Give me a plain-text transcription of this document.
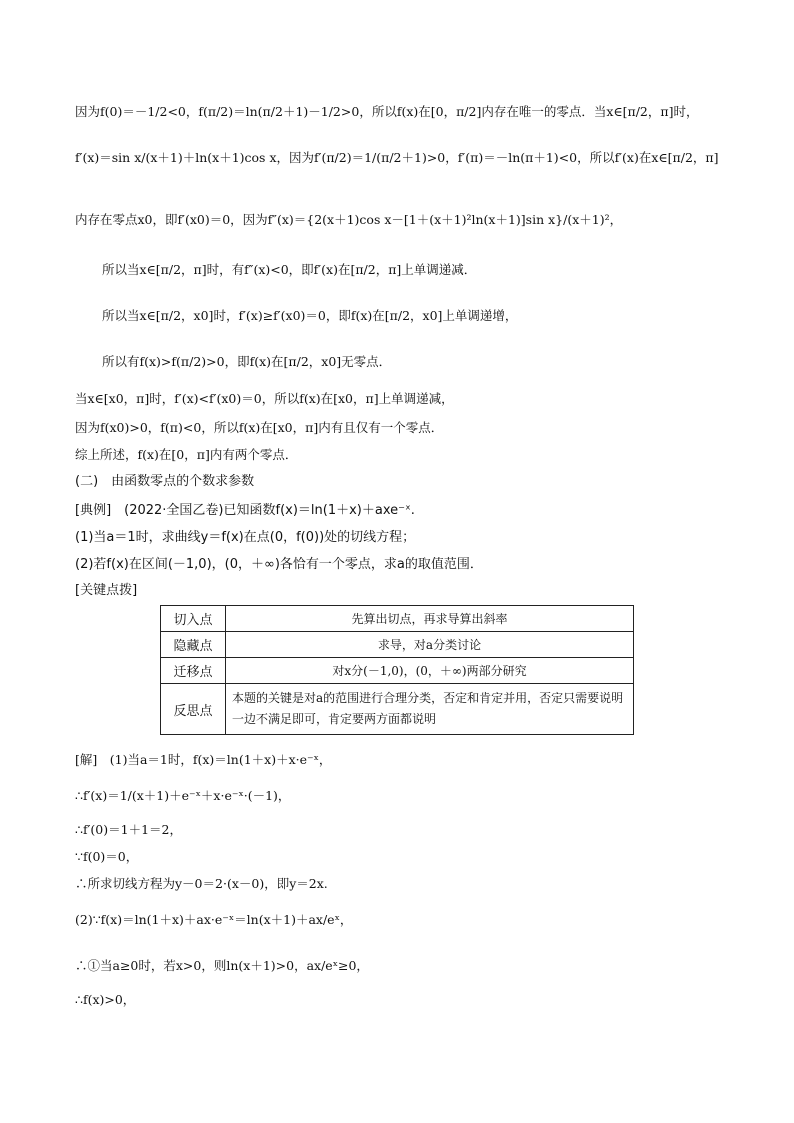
因为f(0)＝－1/2<0，f(π/2)＝ln(π/2＋1)－1/2>0，所以f(x)在[0，π/2]内存在唯一的零点．当x∈[π/2，π]时，
f′(x)＝sin x/(x＋1)＋ln(x＋1)cos x，因为f′(π/2)＝1/(π/2＋1)>0，f′(π)＝－ln(π＋1)<0，所以f′(x)在x∈[π/2，π]
内存在零点x0，即f′(x0)＝0，因为f″(x)＝{2(x＋1)cos x－[1＋(x＋1)²ln(x＋1)]sin x}/(x＋1)²，
所以当x∈[π/2，π]时，有f″(x)<0，即f′(x)在[π/2，π]上单调递减．
所以当x∈[π/2，x0]时，f′(x)≥f′(x0)＝0，即f(x)在[π/2，x0]上单调递增，
所以有f(x)>f(π/2)>0，即f(x)在[π/2，x0]无零点．
当x∈[x0，π]时，f′(x)<f′(x0)＝0，所以f(x)在[x0，π]上单调递减，
因为f(x0)>0，f(π)<0，所以f(x)在[x0，π]内有且仅有一个零点．
综上所述，f(x)在[0，π]内有两个零点．
(二)　由函数零点的个数求参数
[典例]　(2022·全国乙卷)已知函数f(x)＝ln(1＋x)＋axe⁻ˣ.
(1)当a＝1时，求曲线y＝f(x)在点(0，f(0))处的切线方程；
(2)若f(x)在区间(－1,0)，(0，＋∞)各恰有一个零点，求a的取值范围．
[关键点拨]
切入点	先算出切点，再求导算出斜率
隐藏点	求导，对a分类讨论
迁移点	对x分(－1,0)，(0，＋∞)两部分研究
反思点	本题的关键是对a的范围进行合理分类，否定和肯定并用，否定只需要说明一边不满足即可，肯定要两方面都说明
[解]　(1)当a＝1时，f(x)＝ln(1＋x)＋x·e⁻ˣ，
∴f′(x)＝1/(x＋1)＋e⁻ˣ＋x·e⁻ˣ·(－1)，
∴f′(0)＝1＋1＝2，
∵f(0)＝0，
∴所求切线方程为y－0＝2·(x－0)，即y＝2x.
(2)∵f(x)＝ln(1＋x)＋ax·e⁻ˣ＝ln(x＋1)＋ax/eˣ，
∴①当a≥0时，若x>0，则ln(x＋1)>0，ax/eˣ≥0，
∴f(x)>0，
